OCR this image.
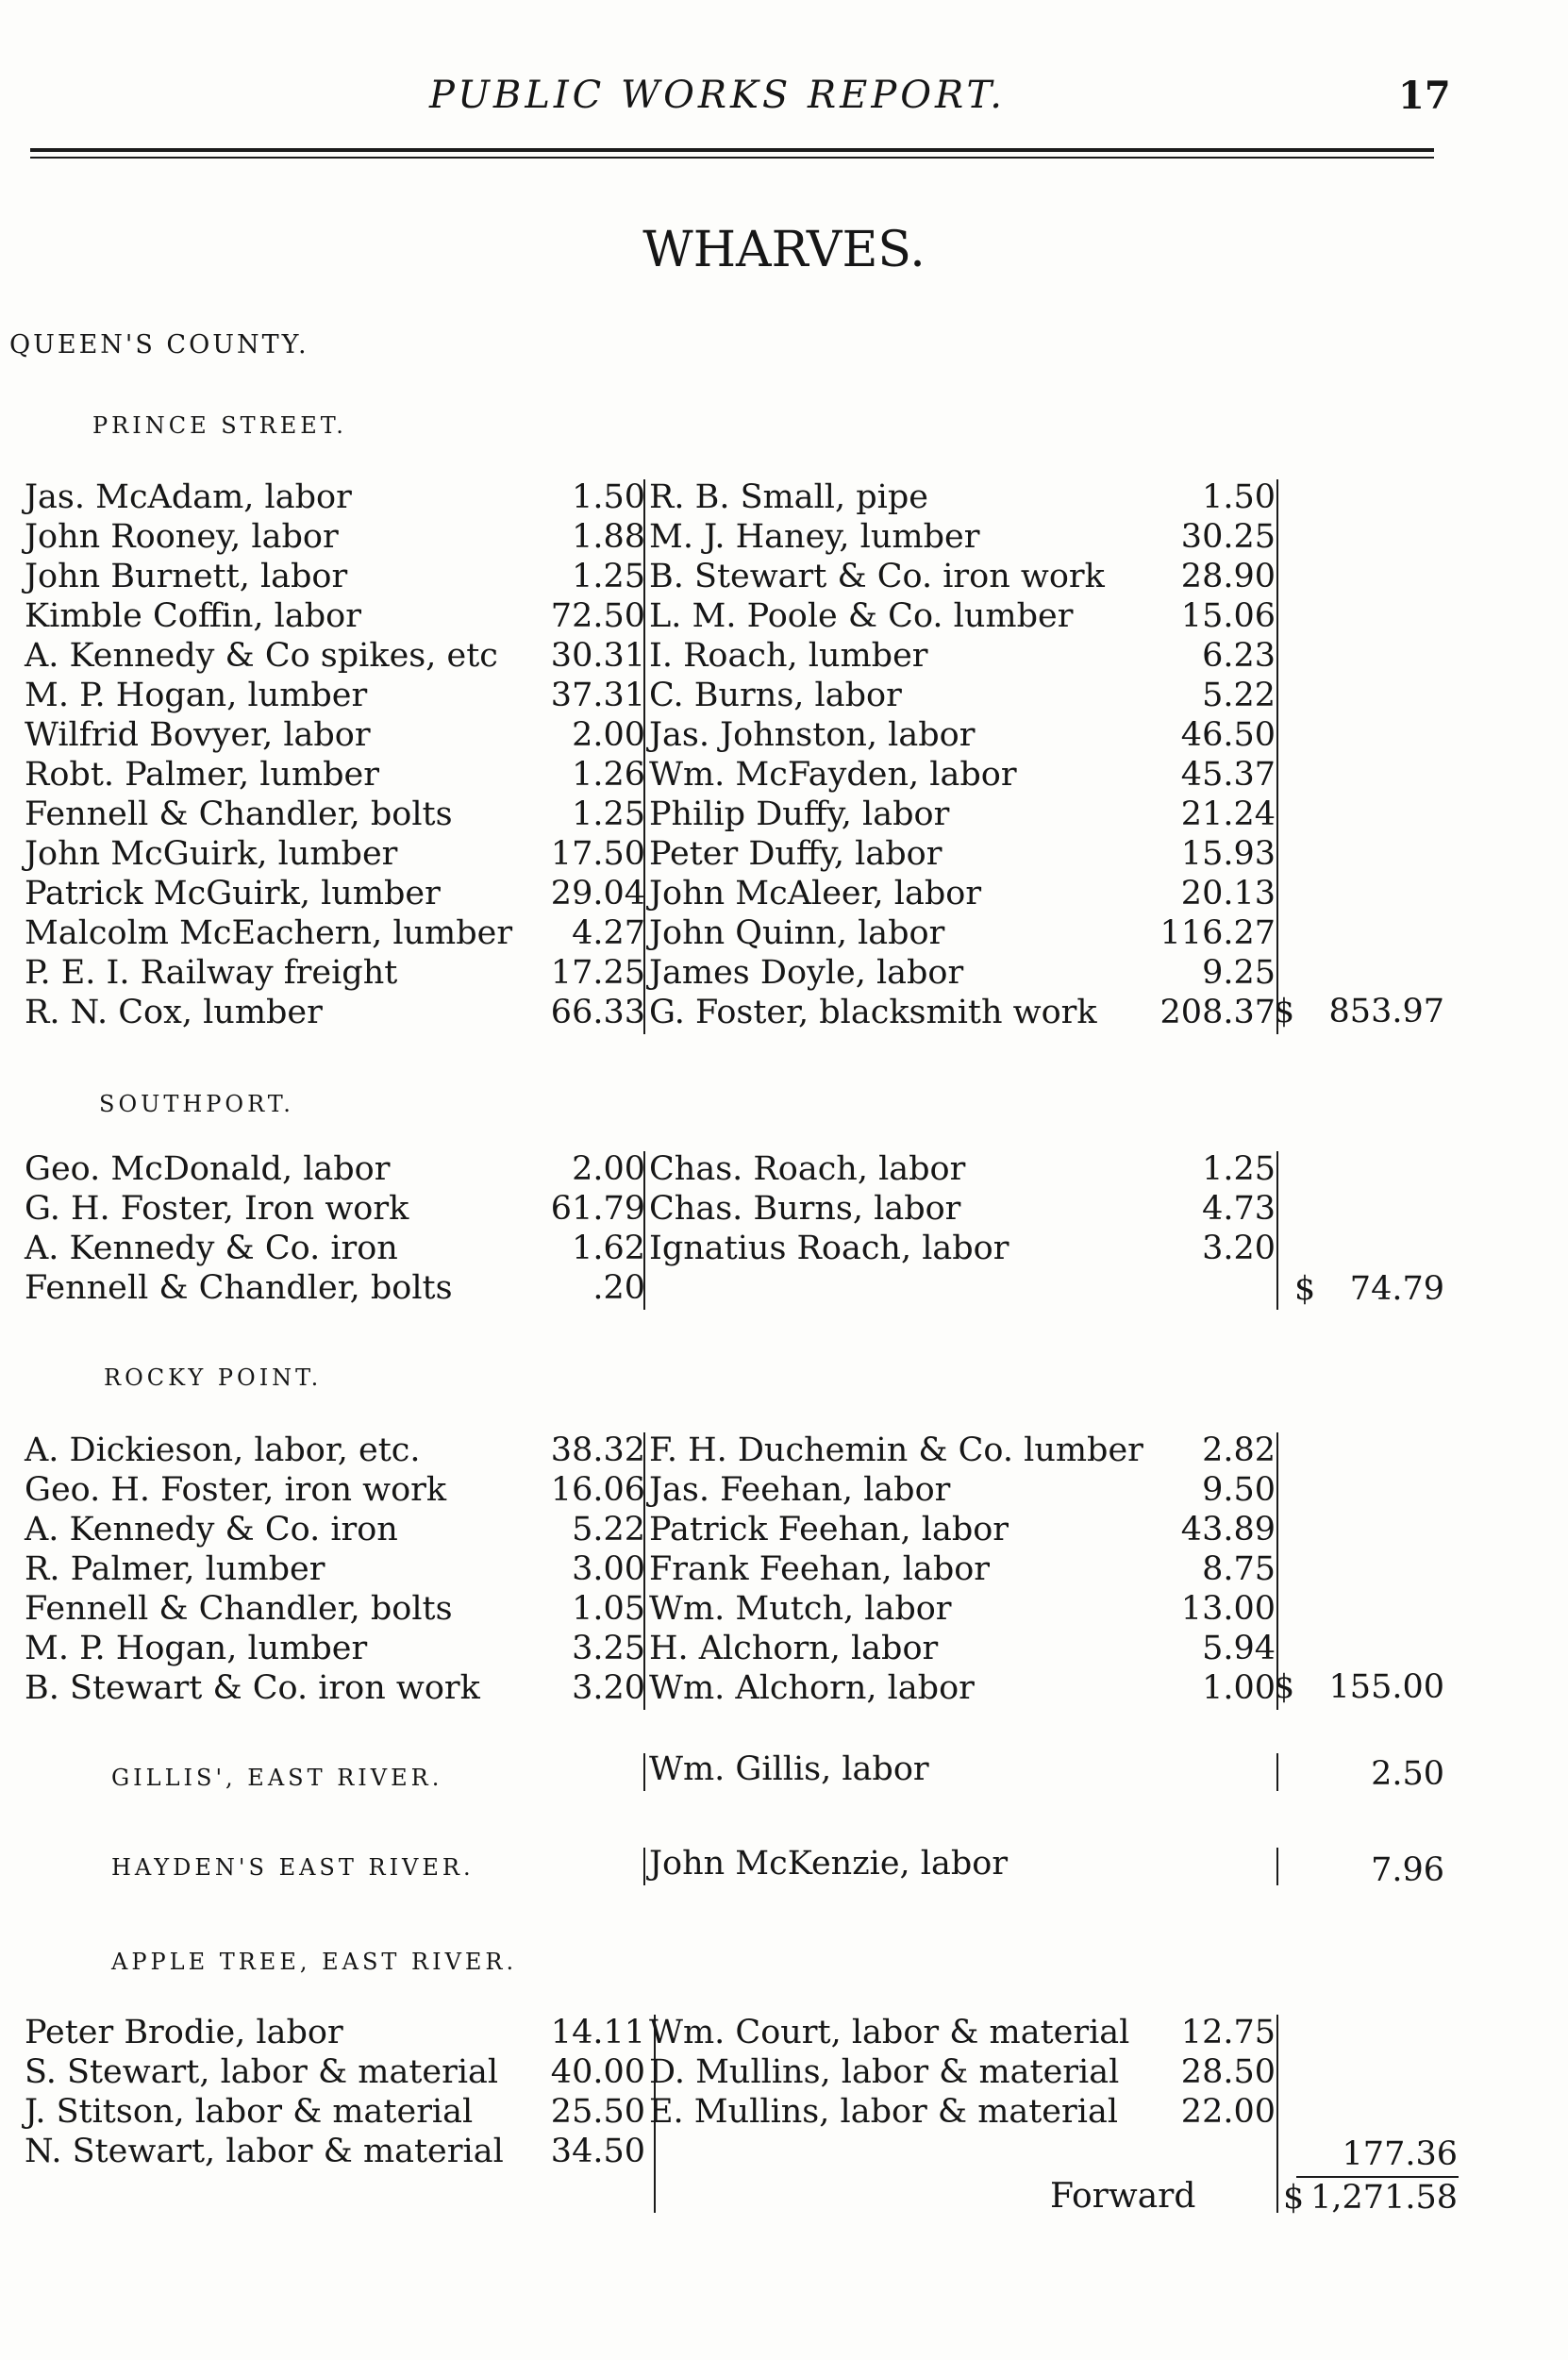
PUBLIC WORKS REPORT.	17
WHARVES.
QUEEN'S COUNTY.
PRINCE STREET.
Jas. McAdam, labor	1.50 R. B. Small, pipe	1.50
John Rooney, labor	1.88 M. J. Haney, lumber	30.25
John Burnett, labor	1.25 B. Stewart & Co. iron work 28.90
Kimble Coffin, labor	72.50 L. M. Poole & Co. lumber	15.06
A. Kennedy & Co spikes, etc 30.31 I. Roach, lumber	6.23
M. P. Hogan, lumber	37.31 C. Burns, labor	5.22
Wilfrid Bovyer, labor	2.00 Jas. Johnston, labor	46.50
Robt. Palmer, lumber	1.26 Wm. McFayden, labor	45.37
Fennell & Chandler, bolts	1.25 Philip Duffy, labor	21.24
John McGuirk, lumber	17.50 Peter Duffy, labor	15.93
Patrick McGuirk, lumber	29.04 John McAleer, labor	20.13
Malcolm McEachern, lumber 4.27 John Quinn, labor	116.27
P. E. I. Railway freight	17.25 James Doyle, labor	9.25
R. N. Cox, lumber	66.33 G. Foster, blacksmith work 208.37
$ 853.97
SOUTHPORT.
Geo. McDonald, labor	2.00 Chas. Roach, labor	1.25
G. H. Foster, Iron work	61.79 Chas. Burns, labor	4.73
A. Kennedy & Co. iron	1.62 Ignatius Roach, labor	3.20
Fennell & Chandler, bolts	.20	$ 74.79
ROCKY POINT.
A. Dickieson, labor, etc.	38.32 F. H. Duchemin & Co. lumber 2.82
Geo. H. Foster, iron work	16.06 Jas. Feehan, labor	9.50
A. Kennedy & Co. iron	5.22 Patrick Feehan, labor	43.89
R. Palmer, lumber	3.00 Frank Feehan, labor	8.75
Fennell & Chandler, bolts	1.05 Wm. Mutch, labor	13.00
M. P. Hogan, lumber	3.25 H. Alchorn, labor	5.94
B. Stewart & Co. iron work	3.20 Wm. Alchorn, labor	1.00
$ 155.00
GILLIS', EAST RIVER.	Wm. Gillis, labor	2.50
HAYDEN'S EAST RIVER.	John McKenzie, labor	7.96
APPLE TREE, EAST RIVER.
Peter Brodie, labor	14.11 Wm. Court, labor & material 12.75
S. Stewart, labor & material 40.00 D. Mullins, labor & material 28.50
J. Stitson, labor & material 25.50 E. Mullins, labor & material 22.00
N. Stewart, labor & material 34.50	177.36
Forward	$ 1,271.58
